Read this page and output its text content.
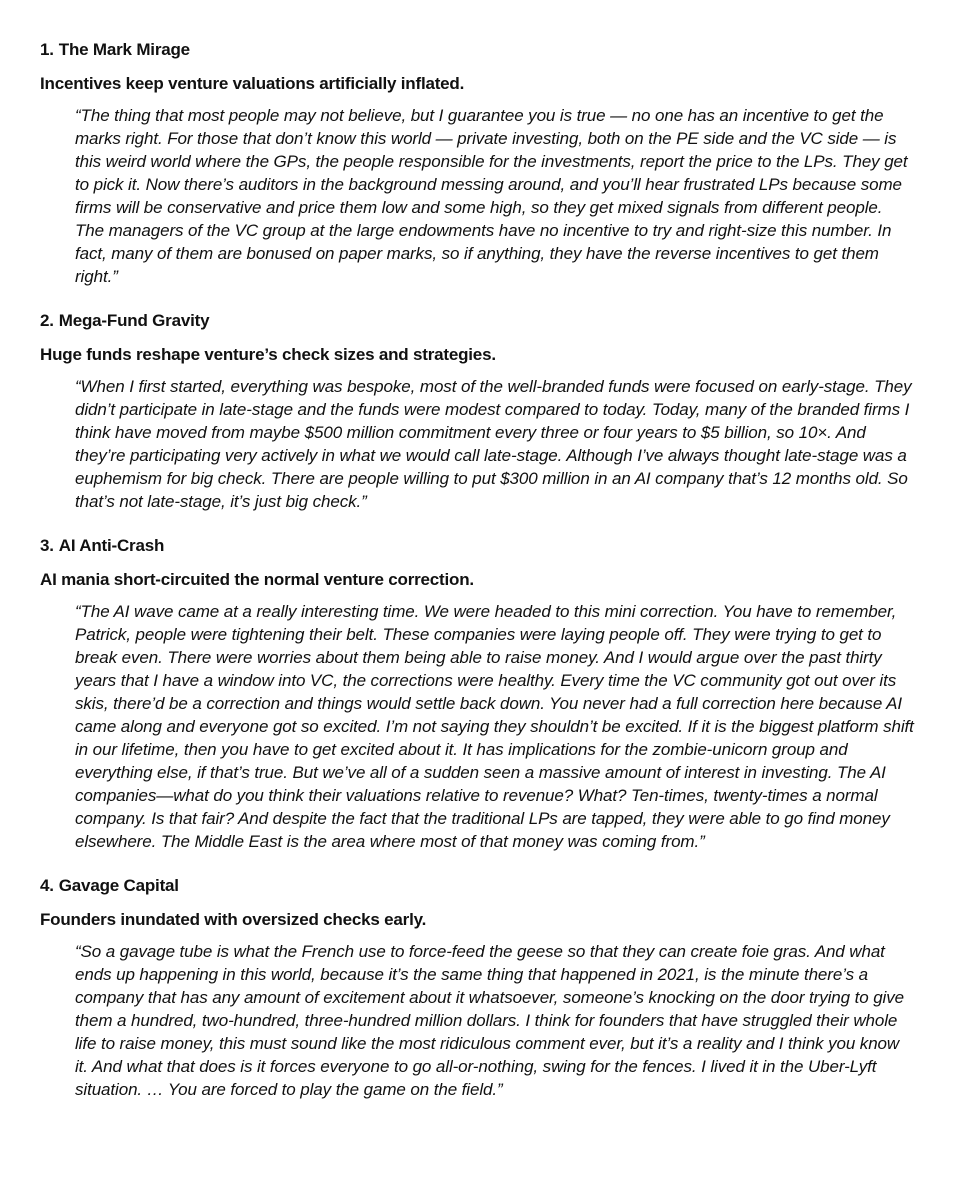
1. The Mark Mirage
Incentives keep venture valuations artificially inflated.
“The thing that most people may not believe, but I guarantee you is true — no one has an incentive to get the marks right. For those that don’t know this world — private investing, both on the PE side and the VC side — is this weird world where the GPs, the people responsible for the investments, report the price to the LPs. They get to pick it. Now there’s auditors in the background messing around, and you’ll hear frustrated LPs because some firms will be conservative and price them low and some high, so they get mixed signals from different people. The managers of the VC group at the large endowments have no incentive to try and right-size this number. In fact, many of them are bonused on paper marks, so if anything, they have the reverse incentives to get them right.”
2. Mega-Fund Gravity
Huge funds reshape venture’s check sizes and strategies.
“When I first started, everything was bespoke, most of the well-branded funds were focused on early-stage. They didn’t participate in late-stage and the funds were modest compared to today. Today, many of the branded firms I think have moved from maybe $500 million commitment every three or four years to $5 billion, so 10×. And they’re participating very actively in what we would call late-stage. Although I’ve always thought late-stage was a euphemism for big check. There are people willing to put $300 million in an AI company that’s 12 months old. So that’s not late-stage, it’s just big check.”
3. AI Anti-Crash
AI mania short-circuited the normal venture correction.
“The AI wave came at a really interesting time. We were headed to this mini correction. You have to remember, Patrick, people were tightening their belt. These companies were laying people off. They were trying to get to break even. There were worries about them being able to raise money. And I would argue over the past thirty years that I have a window into VC, the corrections were healthy. Every time the VC community got out over its skis, there’d be a correction and things would settle back down. You never had a full correction here because AI came along and everyone got so excited. I’m not saying they shouldn’t be excited. If it is the biggest platform shift in our lifetime, then you have to get excited about it. It has implications for the zombie-unicorn group and everything else, if that’s true. But we’ve all of a sudden seen a massive amount of interest in investing. The AI companies—what do you think their valuations relative to revenue? What? Ten-times, twenty-times a normal company. Is that fair? And despite the fact that the traditional LPs are tapped, they were able to go find money elsewhere. The Middle East is the area where most of that money was coming from.”
4. Gavage Capital
Founders inundated with oversized checks early.
“So a gavage tube is what the French use to force-feed the geese so that they can create foie gras. And what ends up happening in this world, because it’s the same thing that happened in 2021, is the minute there’s a company that has any amount of excitement about it whatsoever, someone’s knocking on the door trying to give them a hundred, two-hundred, three-hundred million dollars. I think for founders that have struggled their whole life to raise money, this must sound like the most ridiculous comment ever, but it’s a reality and I think you know it. And what that does is it forces everyone to go all-or-nothing, swing for the fences. I lived it in the Uber-Lyft situation. … You are forced to play the game on the field.”
